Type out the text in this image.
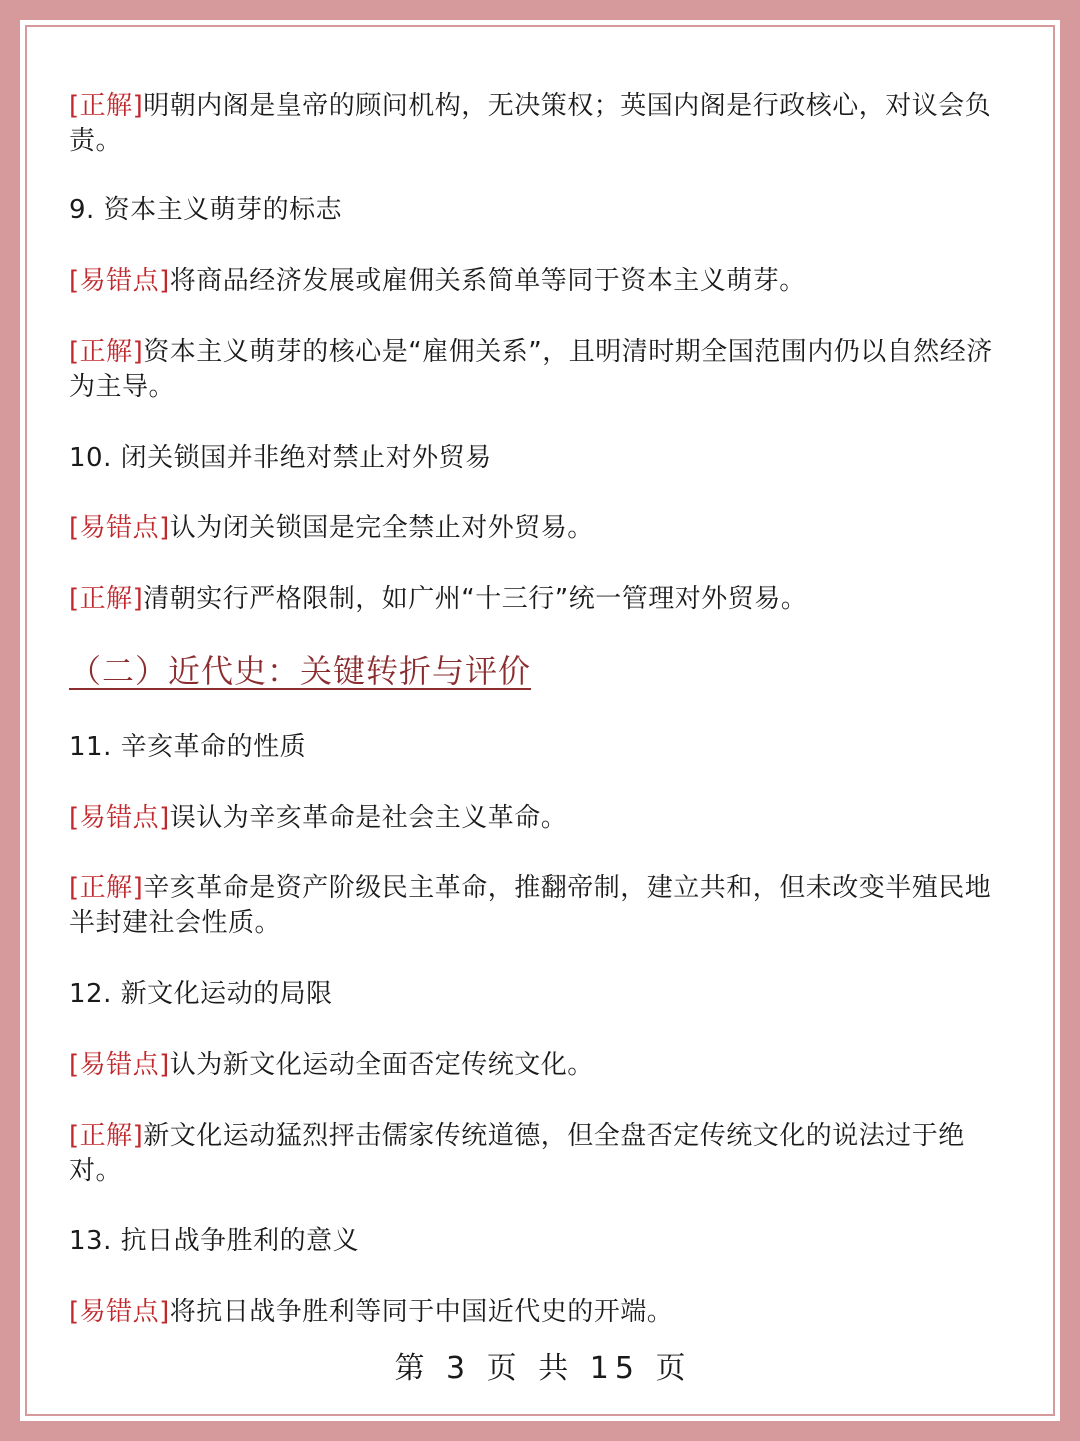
[正解]明朝内阁是皇帝的顾问机构，无决策权；英国内阁是行政核心，对议会负责。

9. 资本主义萌芽的标志

[易错点]将商品经济发展或雇佣关系简单等同于资本主义萌芽。

[正解]资本主义萌芽的核心是“雇佣关系”，且明清时期全国范围内仍以自然经济为主导。

10. 闭关锁国并非绝对禁止对外贸易

[易错点]认为闭关锁国是完全禁止对外贸易。

[正解]清朝实行严格限制，如广州“十三行”统一管理对外贸易。

（二）近代史：关键转折与评价

11. 辛亥革命的性质

[易错点]误认为辛亥革命是社会主义革命。

[正解]辛亥革命是资产阶级民主革命，推翻帝制，建立共和，但未改变半殖民地半封建社会性质。

12. 新文化运动的局限

[易错点]认为新文化运动全面否定传统文化。

[正解]新文化运动猛烈抨击儒家传统道德，但全盘否定传统文化的说法过于绝对。

13. 抗日战争胜利的意义

[易错点]将抗日战争胜利等同于中国近代史的开端。

第 3 页 共 15 页
